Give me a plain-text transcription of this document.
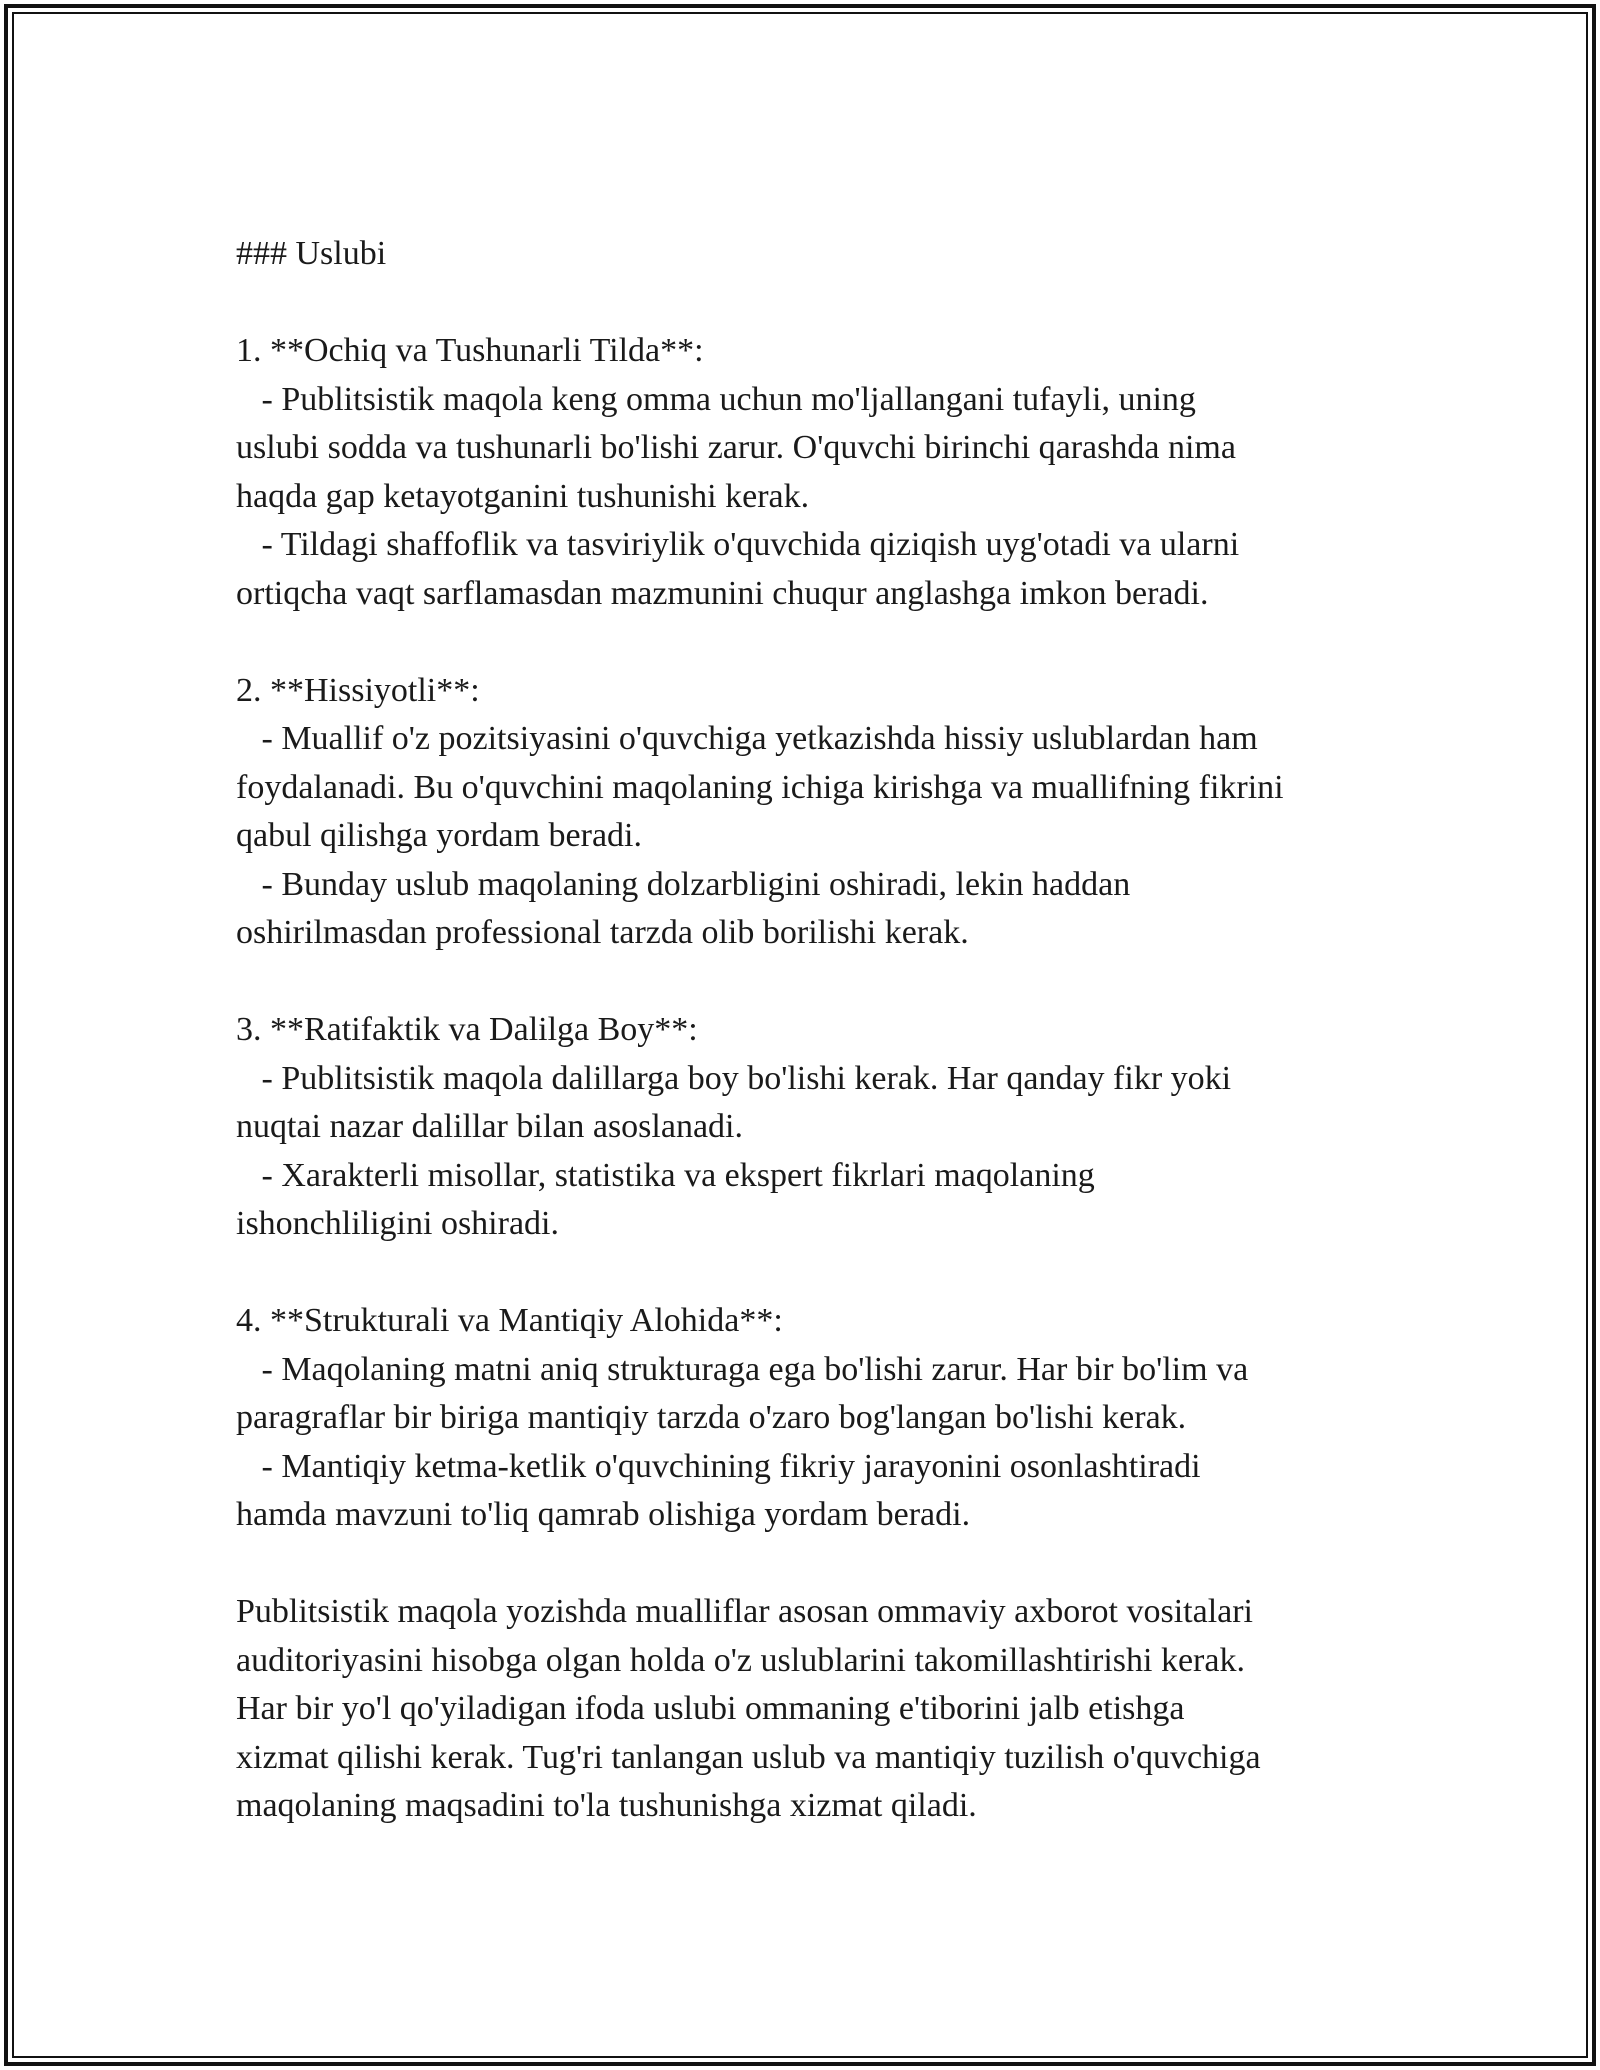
### Uslubi
1. **Ochiq va Tushunarli Tilda**:
- Publitsistik maqola keng omma uchun mo'ljallangani tufayli, uning
uslubi sodda va tushunarli bo'lishi zarur. O'quvchi birinchi qarashda nima
haqda gap ketayotganini tushunishi kerak.
- Tildagi shaffoflik va tasviriylik o'quvchida qiziqish uyg'otadi va ularni
ortiqcha vaqt sarflamasdan mazmunini chuqur anglashga imkon beradi.
2. **Hissiyotli**:
- Muallif o'z pozitsiyasini o'quvchiga yetkazishda hissiy uslublardan ham
foydalanadi. Bu o'quvchini maqolaning ichiga kirishga va muallifning fikrini
qabul qilishga yordam beradi.
- Bunday uslub maqolaning dolzarbligini oshiradi, lekin haddan
oshirilmasdan professional tarzda olib borilishi kerak.
3. **Ratifaktik va Dalilga Boy**:
- Publitsistik maqola dalillarga boy bo'lishi kerak. Har qanday fikr yoki
nuqtai nazar dalillar bilan asoslanadi.
- Xarakterli misollar, statistika va ekspert fikrlari maqolaning
ishonchliligini oshiradi.
4. **Strukturali va Mantiqiy Alohida**:
- Maqolaning matni aniq strukturaga ega bo'lishi zarur. Har bir bo'lim va
paragraflar bir biriga mantiqiy tarzda o'zaro bog'langan bo'lishi kerak.
- Mantiqiy ketma-ketlik o'quvchining fikriy jarayonini osonlashtiradi
hamda mavzuni to'liq qamrab olishiga yordam beradi.
Publitsistik maqola yozishda mualliflar asosan ommaviy axborot vositalari
auditoriyasini hisobga olgan holda o'z uslublarini takomillashtirishi kerak.
Har bir yo'l qo'yiladigan ifoda uslubi ommaning e'tiborini jalb etishga
xizmat qilishi kerak. Tug'ri tanlangan uslub va mantiqiy tuzilish o'quvchiga
maqolaning maqsadini to'la tushunishga xizmat qiladi.
